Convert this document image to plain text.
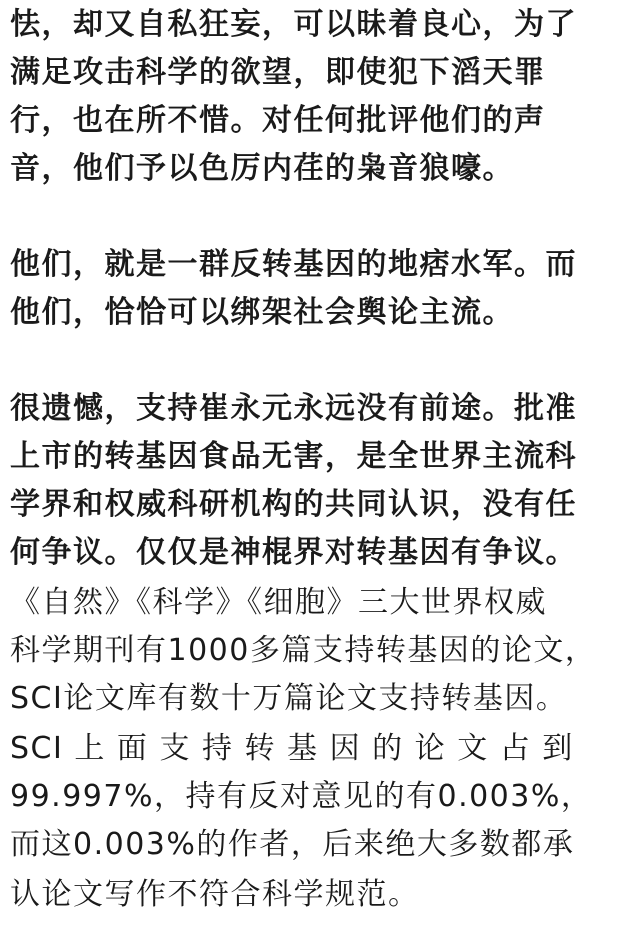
怯，却又自私狂妄，可以昧着良心，为了
满足攻击科学的欲望，即使犯下滔天罪
行，也在所不惜。对任何批评他们的声
音，他们予以色厉内荏的枭音狼嚎。
他们，就是一群反转基因的地痞水军。而
他们，恰恰可以绑架社会舆论主流。
很遗憾，支持崔永元永远没有前途。批准
上市的转基因食品无害，是全世界主流科
学界和权威科研机构的共同认识，没有任
何争议。仅仅是神棍界对转基因有争议。
《自然》《科学》《细胞》三大世界权威
科学期刊有1000多篇支持转基因的论文，
SCI论文库有数十万篇论文支持转基因。
SCI 上 面 支 持 转 基 因 的 论 文 占 到
99.997%，持有反对意见的有0.003%，
而这0.003%的作者，后来绝大多数都承
认论文写作不符合科学规范。
